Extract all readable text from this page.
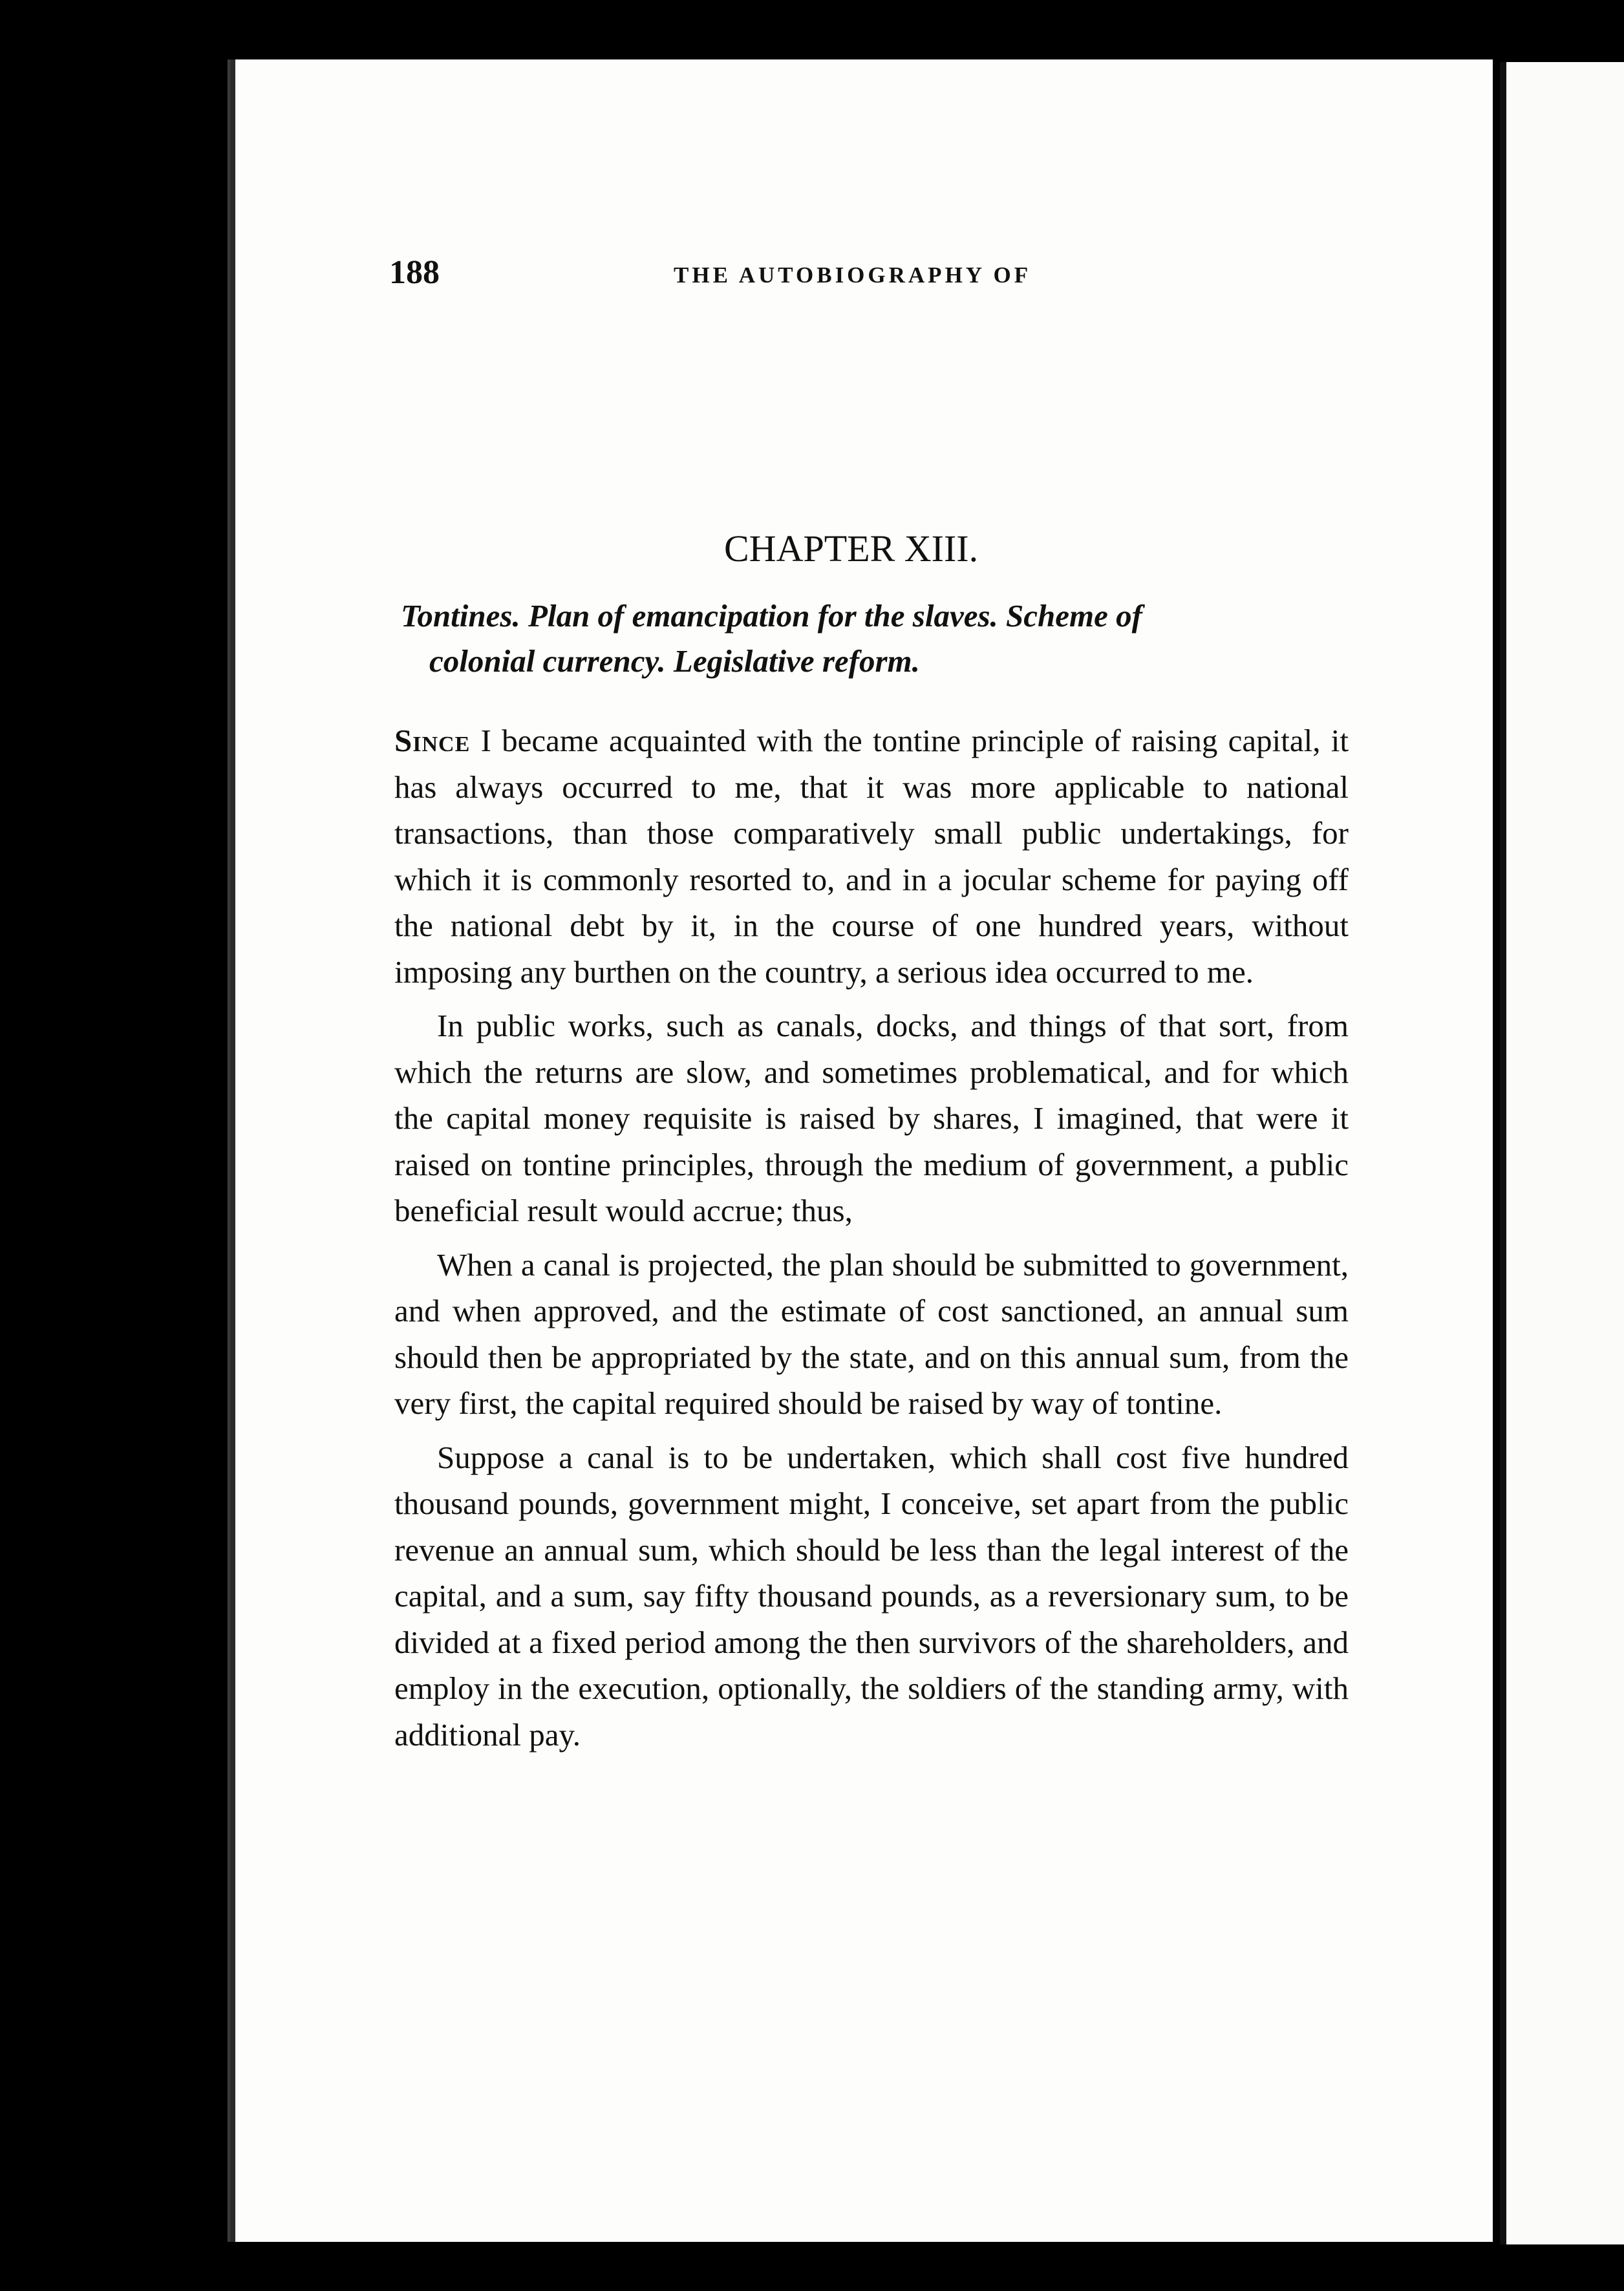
188	THE AUTOBIOGRAPHY OF
CHAPTER XIII.
Tontines. Plan of emancipation for the slaves. Scheme of
colonial currency. Legislative reform.

Since I became acquainted with the tontine principle of raising capital, it has always occurred to me, that it was more applicable to national transactions, than those comparatively small public undertakings, for which it is commonly resorted to, and in a jocular scheme for paying off the national debt by it, in the course of one hundred years, without imposing any burthen on the country, a serious idea occurred to me.

In public works, such as canals, docks, and things of that sort, from which the returns are slow, and sometimes problematical, and for which the capital money requisite is raised by shares, I imagined, that were it raised on tontine principles, through the medium of government, a public beneficial result would accrue; thus,

When a canal is projected, the plan should be submitted to government, and when approved, and the estimate of cost sanctioned, an annual sum should then be appropriated by the state, and on this annual sum, from the very first, the capital required should be raised by way of tontine.

Suppose a canal is to be undertaken, which shall cost five hundred thousand pounds, government might, I conceive, set apart from the public revenue an annual sum, which should be less than the legal interest of the capital, and a sum, say fifty thousand pounds, as a reversionary sum, to be divided at a fixed period among the then survivors of the shareholders, and employ in the execution, optionally, the soldiers of the standing army, with additional pay.
